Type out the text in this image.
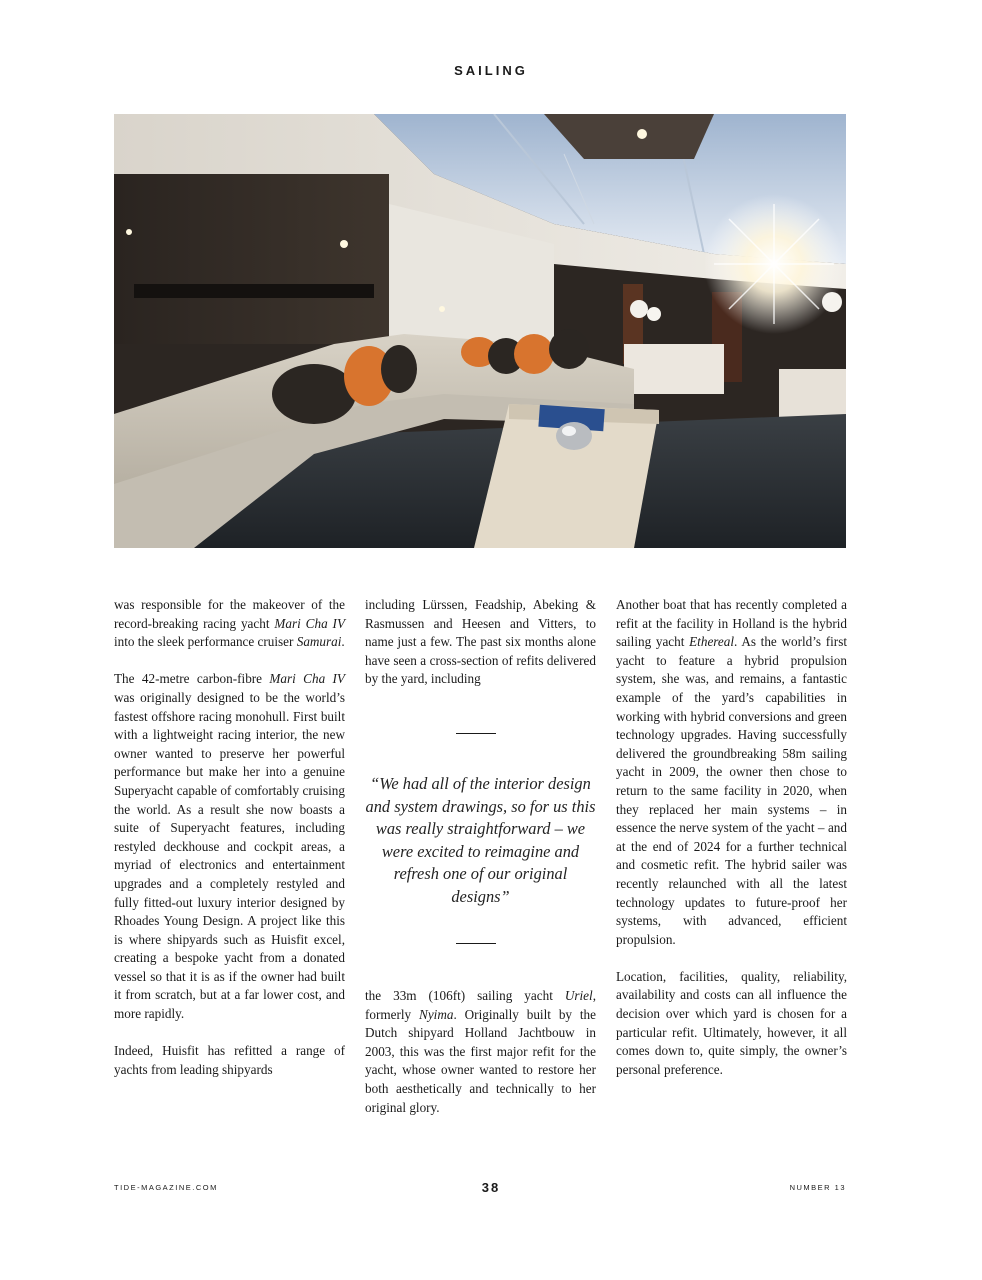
SAILING

was responsible for the makeover of the record-breaking racing yacht Mari Cha IV into the sleek performance cruiser Samurai.

The 42-metre carbon-fibre Mari Cha IV was originally designed to be the world’s fastest offshore racing monohull. First built with a lightweight racing interior, the new owner wanted to preserve her powerful performance but make her into a genuine Superyacht capable of comfortably cruising the world. As a result she now boasts a suite of Superyacht features, including restyled deckhouse and cockpit areas, a myriad of electronics and entertainment upgrades and a completely restyled and fully fitted-out luxury interior designed by Rhoades Young Design. A project like this is where shipyards such as Huisfit excel, creating a bespoke yacht from a donated vessel so that it is as if the owner had built it from scratch, but at a far lower cost, and more rapidly.

Indeed, Huisfit has refitted a range of yachts from leading shipyards

including Lürssen, Feadship, Abeking & Rasmussen and Heesen and Vitters, to name just a few. The past six months alone have seen a cross-section of refits delivered by the yard, including

“We had all of the interior design and system drawings, so for us this was really straightforward – we were excited to reimagine and refresh one of our original designs”

the 33m (106ft) sailing yacht Uriel, formerly Nyima. Originally built by the Dutch shipyard Holland Jachtbouw in 2003, this was the first major refit for the yacht, whose owner wanted to restore her both aesthetically and technically to her original glory.

Another boat that has recently completed a refit at the facility in Holland is the hybrid sailing yacht Ethereal. As the world’s first yacht to feature a hybrid propulsion system, she was, and remains, a fantastic example of the yard’s capabilities in working with hybrid conversions and green technology upgrades. Having successfully delivered the groundbreaking 58m sailing yacht in 2009, the owner then chose to return to the same facility in 2020, when they replaced her main systems – in essence the nerve system of the yacht – and at the end of 2024 for a further technical and cosmetic refit. The hybrid sailer was recently relaunched with all the latest technology updates to future-proof her systems, with advanced, efficient propulsion.

Location, facilities, quality, reliability, availability and costs can all influence the decision over which yard is chosen for a particular refit. Ultimately, however, it all comes down to, quite simply, the owner’s personal preference.

TIDE-MAGAZINE.COM	38	NUMBER 13
